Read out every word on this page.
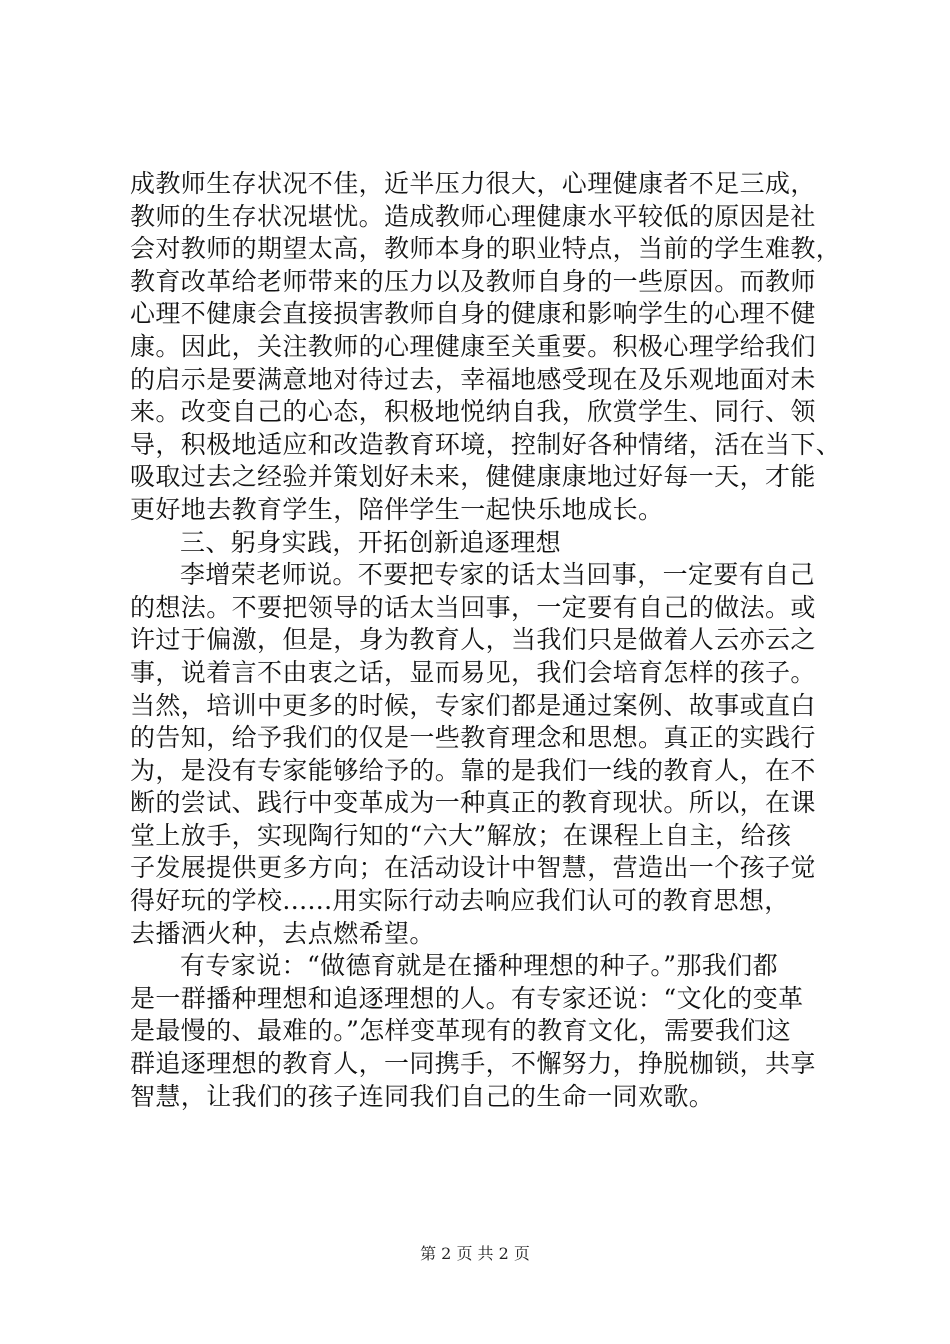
成教师生存状况不佳，近半压力很大，心理健康者不足三成，
教师的生存状况堪忧。造成教师心理健康水平较低的原因是社
会对教师的期望太高，教师本身的职业特点，当前的学生难教，
教育改革给老师带来的压力以及教师自身的一些原因。而教师
心理不健康会直接损害教师自身的健康和影响学生的心理不健
康。因此，关注教师的心理健康至关重要。积极心理学给我们
的启示是要满意地对待过去，幸福地感受现在及乐观地面对未
来。改变自己的心态，积极地悦纳自我，欣赏学生、同行、领
导，积极地适应和改造教育环境，控制好各种情绪，活在当下、
吸取过去之经验并策划好未来，健健康康地过好每一天，才能
更好地去教育学生，陪伴学生一起快乐地成长。
三、躬身实践，开拓创新追逐理想
李增荣老师说。不要把专家的话太当回事，一定要有自己
的想法。不要把领导的话太当回事，一定要有自己的做法。或
许过于偏激，但是，身为教育人，当我们只是做着人云亦云之
事，说着言不由衷之话，显而易见，我们会培育怎样的孩子。
当然，培训中更多的时候，专家们都是通过案例、故事或直白
的告知，给予我们的仅是一些教育理念和思想。真正的实践行
为，是没有专家能够给予的。靠的是我们一线的教育人，在不
断的尝试、践行中变革成为一种真正的教育现状。所以，在课
堂上放手，实现陶行知的“六大”解放；在课程上自主，给孩
子发展提供更多方向；在活动设计中智慧，营造出一个孩子觉
得好玩的学校......用实际行动去响应我们认可的教育思想，
去播洒火种，去点燃希望。
有专家说：“做德育就是在播种理想的种子。”那我们都
是一群播种理想和追逐理想的人。有专家还说：“文化的变革
是最慢的、最难的。”怎样变革现有的教育文化，需要我们这
群追逐理想的教育人，一同携手，不懈努力，挣脱枷锁，共享
智慧，让我们的孩子连同我们自己的生命一同欢歌。
第 2 页 共 2 页
